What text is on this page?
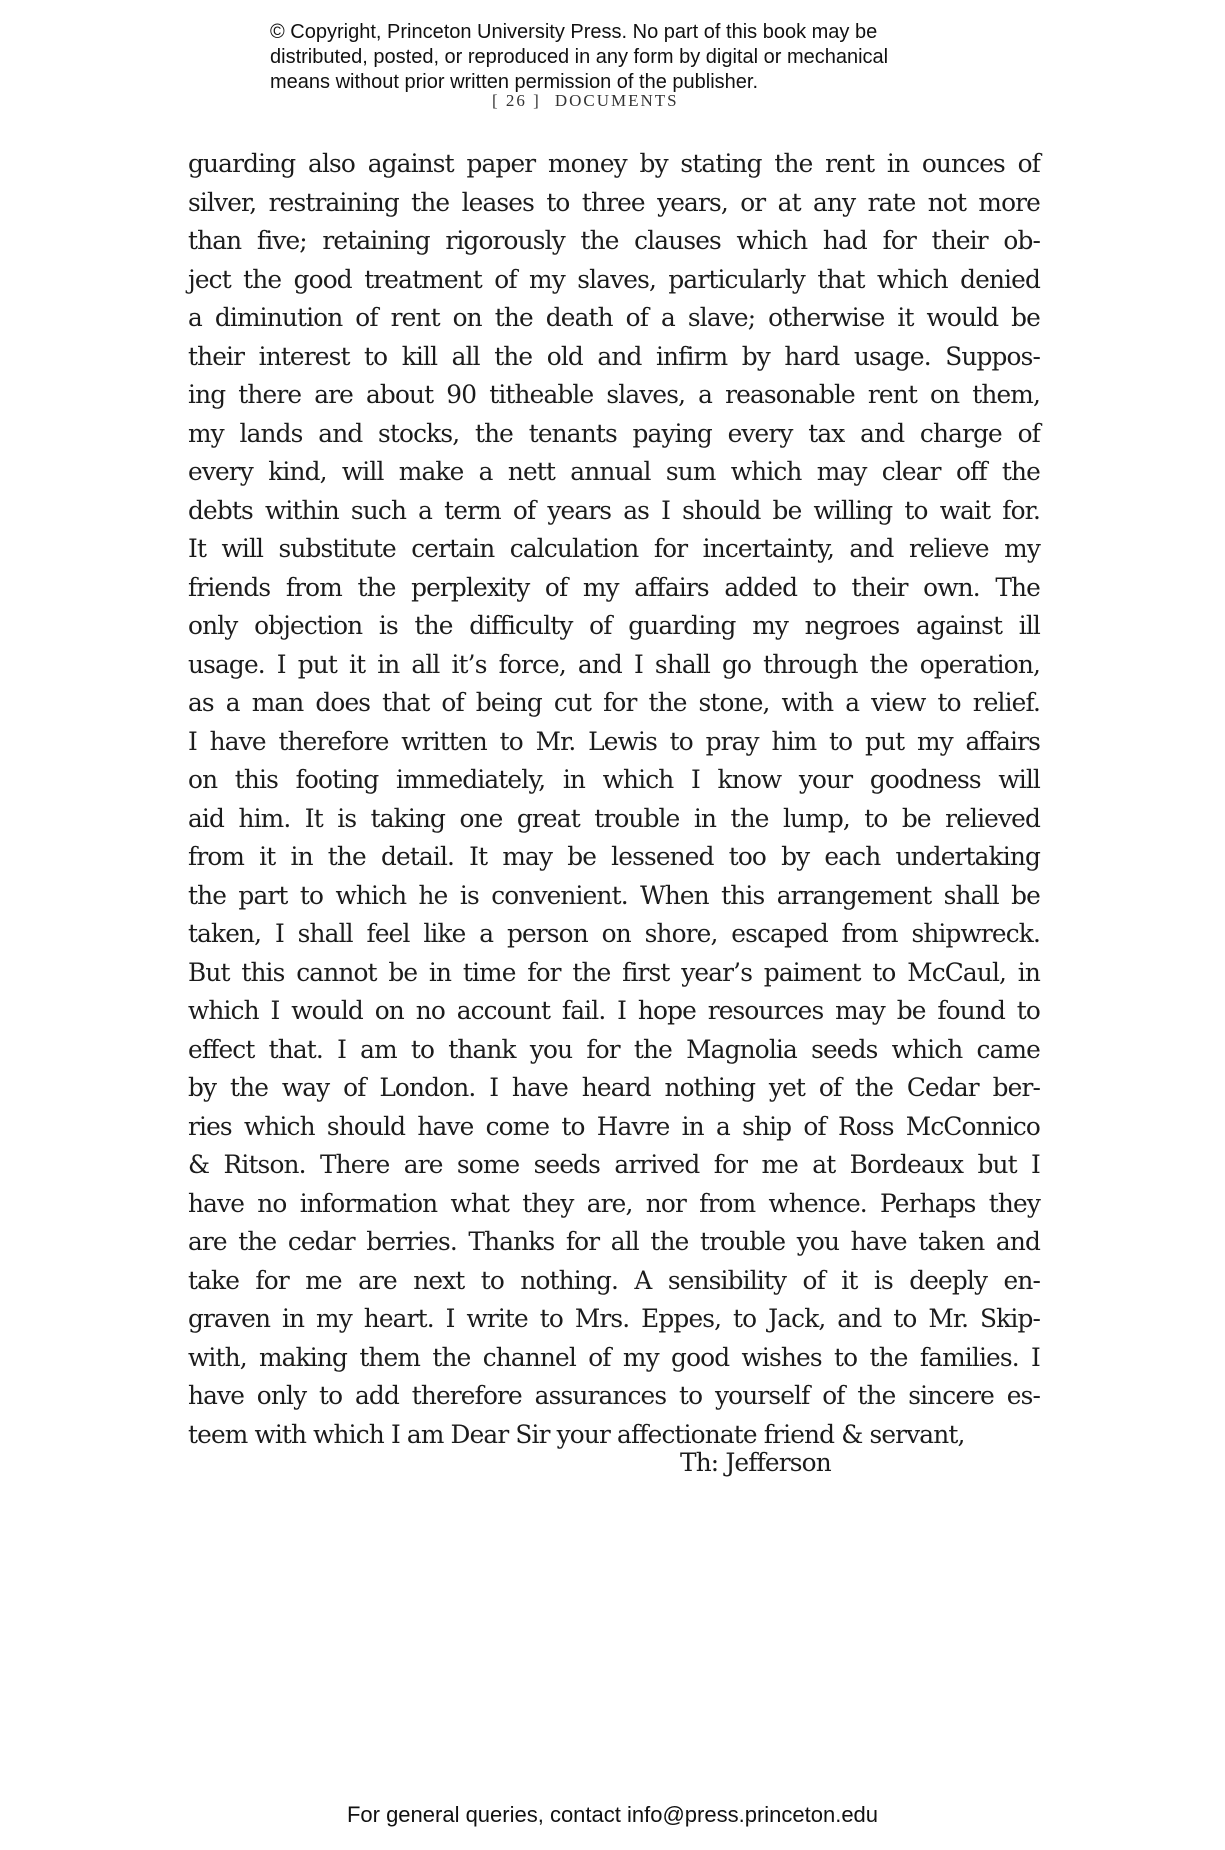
© Copyright, Princeton University Press. No part of this book may be
distributed, posted, or reproduced in any form by digital or mechanical
means without prior written permission of the publisher.
[ 26 ] DOCUMENTS
guarding also against paper money by stating the rent in ounces of
silver, restraining the leases to three years, or at any rate not more
than five; retaining rigorously the clauses which had for their ob-
ject the good treatment of my slaves, particularly that which denied
a diminution of rent on the death of a slave; otherwise it would be
their interest to kill all the old and infirm by hard usage. Suppos-
ing there are about 90 titheable slaves, a reasonable rent on them,
my lands and stocks, the tenants paying every tax and charge of
every kind, will make a nett annual sum which may clear off the
debts within such a term of years as I should be willing to wait for.
It will substitute certain calculation for incertainty, and relieve my
friends from the perplexity of my affairs added to their own. The
only objection is the difficulty of guarding my negroes against ill
usage. I put it in all it’s force, and I shall go through the operation,
as a man does that of being cut for the stone, with a view to relief.
I have therefore written to Mr. Lewis to pray him to put my affairs
on this footing immediately, in which I know your goodness will
aid him. It is taking one great trouble in the lump, to be relieved
from it in the detail. It may be lessened too by each undertaking
the part to which he is convenient. When this arrangement shall be
taken, I shall feel like a person on shore, escaped from shipwreck.
But this cannot be in time for the first year’s paiment to McCaul, in
which I would on no account fail. I hope resources may be found to
effect that. I am to thank you for the Magnolia seeds which came
by the way of London. I have heard nothing yet of the Cedar ber-
ries which should have come to Havre in a ship of Ross McConnico
& Ritson. There are some seeds arrived for me at Bordeaux but I
have no information what they are, nor from whence. Perhaps they
are the cedar berries. Thanks for all the trouble you have taken and
take for me are next to nothing. A sensibility of it is deeply en-
graven in my heart. I write to Mrs. Eppes, to Jack, and to Mr. Skip-
with, making them the channel of my good wishes to the families. I
have only to add therefore assurances to yourself of the sincere es-
teem with which I am Dear Sir your affectionate friend & servant,
Th: Jefferson
For general queries, contact info@press.princeton.edu
